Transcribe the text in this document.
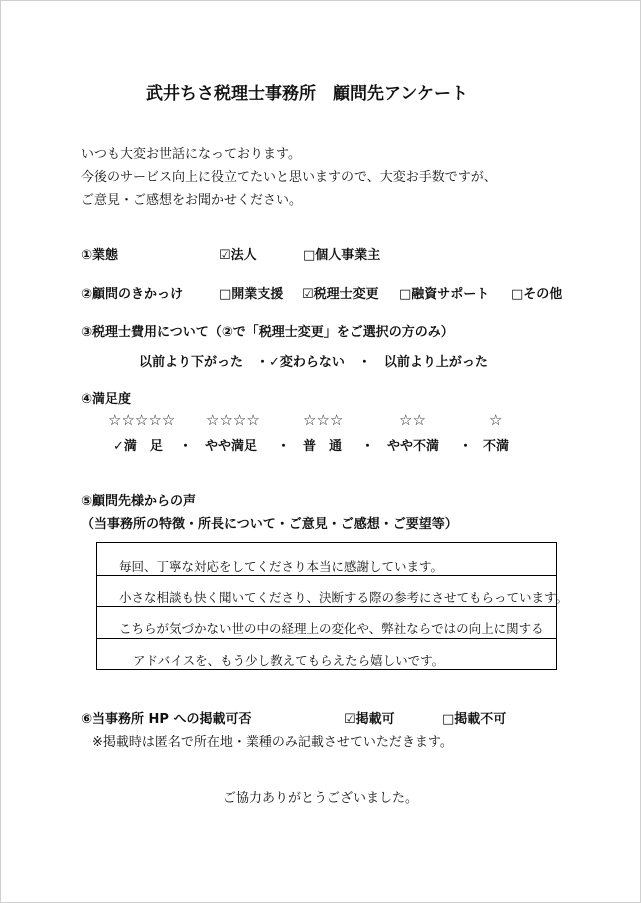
武井ちさ税理士事務所　顧問先アンケート
いつも大変お世話になっております。
今後のサービス向上に役立てたいと思いますので、大変お手数ですが、
ご意見・ご感想をお聞かせください。
①業態	☑法人	□個人事業主
②顧問のきかっけ	□開業支援 ☑税理士変更 □融資サポート □その他
③税理士費用について（②で「税理士変更」をご選択の方のみ）
以前より下がった　・✓変わらない　・　以前より上がった
④満足度
☆☆☆☆☆ ☆☆☆☆	☆☆☆	☆☆	☆
✓満　足 ・ やや満足 ・ 普　通 ・ やや不満 ・ 不満
⑤顧問先様からの声
（当事務所の特徴・所長について・ご意見・ご感想・ご要望等）
毎回、丁寧な対応をしてくださり本当に感謝しています。
小さな相談も快く聞いてくださり、決断する際の参考にさせてもらっています。
こちらが気づかない世の中の経理上の変化や、弊社ならではの向上に関する
アドバイスを、もう少し教えてもらえたら嬉しいです。
⑥当事務所 HP への掲載可否	☑掲載可	□掲載不可
※掲載時は匿名で所在地・業種のみ記載させていただきます。
ご協力ありがとうございました。
